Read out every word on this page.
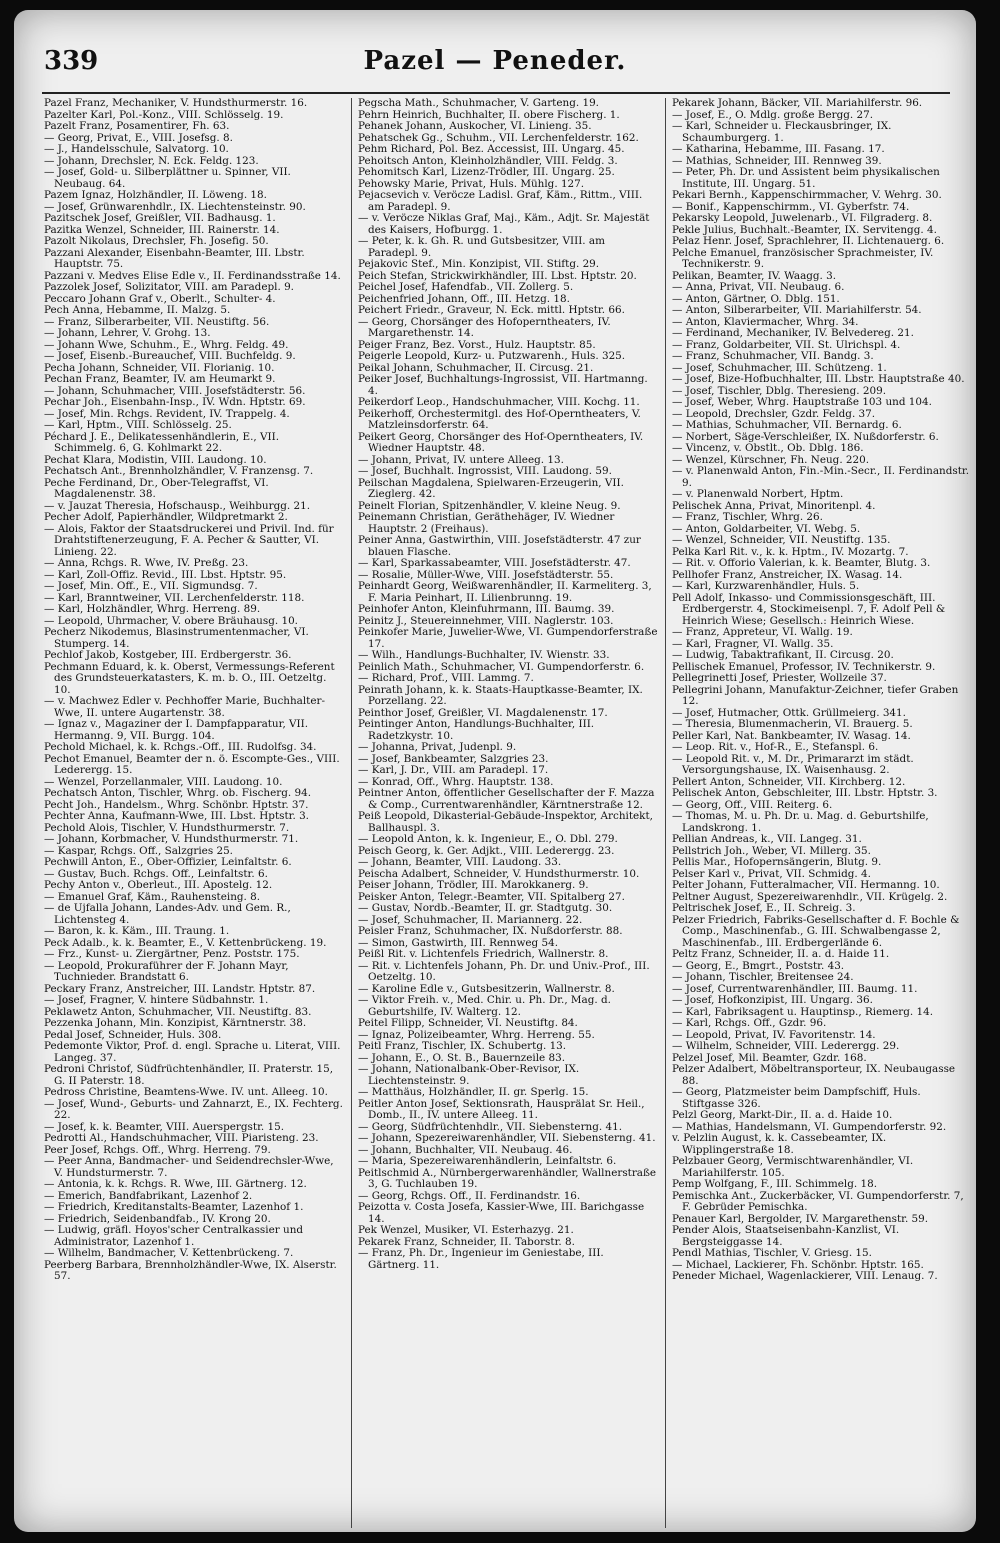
339	Pazel — Peneder.

Pazel Franz, Mechaniker, V. Hundsthurmerstr. 16.

Pazelter Karl, Pol.-Konz., VIII. Schlösselg. 19.

Pazelt Franz, Posamentirer, Fh. 63.

— Georg, Privat, E., VIII. Josefsg. 8.

— J., Handelsschule, Salvatorg. 10.

— Johann, Drechsler, N. Eck. Feldg. 123.

— Josef, Gold- u. Silberplättner u. Spinner, VII. Neubaug. 64.

Pazem Ignaz, Holzhändler, II. Löweng. 18.

— Josef, Grünwarenhdlr., IX. Liechtensteinstr. 90.

Pazitschek Josef, Greißler, VII. Badhausg. 1.

Pazitka Wenzel, Schneider, III. Rainerstr. 14.

Pazolt Nikolaus, Drechsler, Fh. Josefig. 50.

Pazzani Alexander, Eisenbahn-Beamter, III. Lbstr. Hauptstr. 75.

Pazzani v. Medves Elise Edle v., II. Ferdinandsstraße 14.

Pazzolek Josef, Solizitator, VIII. am Paradepl. 9.

Peccaro Johann Graf v., Oberlt., Schulter- 4.

Pech Anna, Hebamme, II. Malzg. 5.

— Franz, Silberarbeiter, VII. Neustiftg. 56.

— Johann, Lehrer, V. Grohg. 13.

— Johann Wwe, Schuhm., E., Whrg. Feldg. 49.

— Josef, Eisenb.-Bureauchef, VIII. Buchfeldg. 9.

Pecha Johann, Schneider, VII. Florianig. 10.

Pechan Franz, Beamter, IV. am Heumarkt 9.

— Johann, Schuhmacher, VIII. Josefstädterstr. 56.

Pechar Joh., Eisenbahn-Insp., IV. Wdn. Hptstr. 69.

— Josef, Min. Rchgs. Revident, IV. Trappelg. 4.

— Karl, Hptm., VIII. Schlösselg. 25.

Péchard J. E., Delikatessenhändlerin, E., VII. Schimmelg. 6, G. Kohlmarkt 22.

Pechat Klara, Modistin, VIII. Laudong. 10.

Pechatsch Ant., Brennholzhändler, V. Franzensg. 7.

Peche Ferdinand, Dr., Ober-Telegraffst, VI. Magdalenenstr. 38.

— v. Jauzat Theresia, Hofschausp., Weihburgg. 21.

Pecher Adolf, Papierhändler, Wildpretmarkt 2.

— Alois, Faktor der Staatsdruckerei und Privil. Ind. für Drahtstiftenerzeugung, F. A. Pecher & Sautter, VI. Linieng. 22.

— Anna, Rchgs. R. Wwe, IV. Preßg. 23.

— Karl, Zoll-Offiz. Revid., III. Lbst. Hptstr. 95.

— Josef, Min. Off., E., VII. Sigmundsg. 7.

— Karl, Branntweiner, VII. Lerchenfelderstr. 118.

— Karl, Holzhändler, Whrg. Herreng. 89.

— Leopold, Uhrmacher, V. obere Bräuhausg. 10.

Pecherz Nikodemus, Blasinstrumentenmacher, VI. Stumperg. 14.

Pechlof Jakob, Kostgeber, III. Erdbergerstr. 36.

Pechmann Eduard, k. k. Oberst, Vermessungs-Referent des Grundsteuerkatasters, K. m. b. O., III. Oetzeltg. 10.

— v. Machwez Edler v. Pechhoffer Marie, Buchhalter-Wwe, II. untere Augartenstr. 38.

— Ignaz v., Magaziner der I. Dampfapparatur, VII. Hermanng. 9, VII. Burgg. 104.

Pechold Michael, k. k. Rchgs.-Off., III. Rudolfsg. 34.

Pechot Emanuel, Beamter der n. ö. Escompte-Ges., VIII. Lederergg. 15.

— Wenzel, Porzellanmaler, VIII. Laudong. 10.

Pechatsch Anton, Tischler, Whrg. ob. Fischerg. 94.

Pecht Joh., Handelsm., Whrg. Schönbr. Hptstr. 37.

Pechter Anna, Kaufmann-Wwe, III. Lbst. Hptstr. 3.

Pechold Alois, Tischler, V. Hundsthurmerstr. 7.

— Johann, Korbmacher, V. Hundsthurmerstr. 71.

— Kaspar, Rchgs. Off., Salzgries 25.

Pechwill Anton, E., Ober-Offizier, Leinfaltstr. 6.

— Gustav, Buch. Rchgs. Off., Leinfaltstr. 6.

Pechy Anton v., Oberleut., III. Apostelg. 12.

— Emanuel Graf, Käm., Rauhensteing. 8.

— de Ujfalla Johann, Landes-Adv. und Gem. R., Lichtensteg 4.

— Baron, k. k. Käm., III. Traung. 1.

Peck Adalb., k. k. Beamter, E., V. Kettenbrückeng. 19.

— Frz., Kunst- u. Ziergärtner, Penz. Poststr. 175.

— Leopold, Prokuraführer der F. Johann Mayr, Tuchnieder. Brandstatt 6.

Peckary Franz, Anstreicher, III. Landstr. Hptstr. 87.

— Josef, Fragner, V. hintere Südbahnstr. 1.

Peklawetz Anton, Schuhmacher, VII. Neustiftg. 83.

Pezzenka Johann, Min. Konzipist, Kärntnerstr. 38.

Pedal Josef, Schneider, Huls. 308.

Pedemonte Viktor, Prof. d. engl. Sprache u. Literat, VIII. Langeg. 37.

Pedroni Christof, Südfrüchtenhändler, II. Praterstr. 15, G. II Paterstr. 18.

Pedross Christine, Beamtens-Wwe. IV. unt. Alleeg. 10.

— Josef, Wund-, Geburts- und Zahnarzt, E., IX. Fechterg. 22.

— Josef, k. k. Beamter, VIII. Auerspergstr. 15.

Pedrotti Al., Handschuhmacher, VIII. Piaristeng. 23.

Peer Josef, Rchgs. Off., Whrg. Herreng. 79.

— Peer Anna, Bandmacher- und Seidendrechsler-Wwe, V. Hundsturmerstr. 7.

— Antonia, k. k. Rchgs. R. Wwe, III. Gärtnerg. 12.

— Emerich, Bandfabrikant, Lazenhof 2.

— Friedrich, Kreditanstalts-Beamter, Lazenhof 1.

— Friedrich, Seidenbandfab., IV. Krong 20.

— Ludwig, gräfl. Hoyos'scher Centralkassier und Administrator, Lazenhof 1.

— Wilhelm, Bandmacher, V. Kettenbrückeng. 7.

Peerberg Barbara, Brennholzhändler-Wwe, IX. Alserstr. 57.

Pegscha Math., Schuhmacher, V. Garteng. 19.

Pehrn Heinrich, Buchhalter, II. obere Fischerg. 1.

Pehanek Johann, Auskocher, VI. Linieng. 35.

Pehatschek Gg., Schuhm., VII. Lerchenfelderstr. 162.

Pehm Richard, Pol. Bez. Accessist, III. Ungarg. 45.

Pehoitsch Anton, Kleinholzhändler, VIII. Feldg. 3.

Pehomitsch Karl, Lizenz-Trödler, III. Ungarg. 25.

Pehowsky Marie, Privat, Huls. Mühlg. 127.

Pejacsevich v. Veröcze Ladisl. Graf, Käm., Rittm., VIII. am Paradepl. 9.

— v. Veröcze Niklas Graf, Maj., Käm., Adjt. Sr. Majestät des Kaisers, Hofburgg. 1.

— Peter, k. k. Gh. R. und Gutsbesitzer, VIII. am Paradepl. 9.

Pejakovic Stef., Min. Konzipist, VII. Stiftg. 29.

Peich Stefan, Strickwirkhändler, III. Lbst. Hptstr. 20.

Peichel Josef, Hafendfab., VII. Zollerg. 5.

Peichenfried Johann, Off., III. Hetzg. 18.

Peichert Friedr., Graveur, N. Eck. mittl. Hptstr. 66.

— Georg, Chorsänger des Hofoperntheaters, IV. Margarethenstr. 14.

Peiger Franz, Bez. Vorst., Hulz. Hauptstr. 85.

Peigerle Leopold, Kurz- u. Putzwarenh., Huls. 325.

Peikal Johann, Schuhmacher, II. Circusg. 21.

Peiker Josef, Buchhaltungs-Ingrossist, VII. Hartmanng. 4.

Peikerdorf Leop., Handschuhmacher, VIII. Kochg. 11.

Peikerhoff, Orchestermitgl. des Hof-Operntheaters, V. Matzleinsdorferstr. 64.

Peikert Georg, Chorsänger des Hof-Operntheaters, IV. Wiedner Hauptstr. 48.

— Johann, Privat, IV. untere Alleeg. 13.

— Josef, Buchhalt. Ingrossist, VIII. Laudong. 59.

Peilschan Magdalena, Spielwaren-Erzeugerin, VII. Zieglerg. 42.

Peinelt Florian, Spitzenhändler, V. kleine Neug. 9.

Peinemann Christian, Geräthehäger, IV. Wiedner Hauptstr. 2 (Freihaus).

Peiner Anna, Gastwirthin, VIII. Josefstädterstr. 47 zur blauen Flasche.

— Karl, Sparkassabeamter, VIII. Josefstädterstr. 47.

— Rosalie, Müller-Wwe, VIII. Josefstädterstr. 55.

Peinhardt Georg, Weißwarenhändler, II. Karmeliterg. 3, F. Maria Peinhart, II. Lilienbrunng. 19.

Peinhofer Anton, Kleinfuhrmann, III. Baumg. 39.

Peinitz J., Steuereinnehmer, VIII. Naglerstr. 103.

Peinkofer Marie, Juwelier-Wwe, VI. Gumpendorferstraße 17.

— Wilh., Handlungs-Buchhalter, IV. Wienstr. 33.

Peinlich Math., Schuhmacher, VI. Gumpendorferstr. 6.

— Richard, Prof., VIII. Lammg. 7.

Peinrath Johann, k. k. Staats-Hauptkasse-Beamter, IX. Porzellang. 22.

Peinthor Josef, Greißler, VI. Magdalenenstr. 17.

Peintinger Anton, Handlungs-Buchhalter, III. Radetzkystr. 10.

— Johanna, Privat, Judenpl. 9.

— Josef, Bankbeamter, Salzgries 23.

— Karl, J. Dr., VIII. am Paradepl. 17.

— Konrad, Off., Whrg. Hauptstr. 138.

Peintner Anton, öffentlicher Gesellschafter der F. Mazza & Comp., Currentwarenhändler, Kärntnerstraße 12.

Peiß Leopold, Dikasterial-Gebäude-Inspektor, Architekt, Ballhauspl. 3.

— Leopold Anton, k. k. Ingenieur, E., O. Dbl. 279.

Peisch Georg, k. Ger. Adjkt., VIII. Lederergg. 23.

— Johann, Beamter, VIII. Laudong. 33.

Peischa Adalbert, Schneider, V. Hundsthurmerstr. 10.

Peiser Johann, Trödler, III. Marokkanerg. 9.

Peisker Anton, Telegr.-Beamter, VII. Spitalberg 27.

— Gustav, Nordb.-Beamter, II. gr. Stadtgutg. 30.

— Josef, Schuhmacher, II. Mariannerg. 22.

Peisler Franz, Schuhmacher, IX. Nußdorferstr. 88.

— Simon, Gastwirth, III. Rennweg 54.

Peißl Rit. v. Lichtenfels Friedrich, Wallnerstr. 8.

— Rit. v. Lichtenfels Johann, Ph. Dr. und Univ.-Prof., III. Oetzeltg. 10.

— Karoline Edle v., Gutsbesitzerin, Wallnerstr. 8.

— Viktor Freih. v., Med. Chir. u. Ph. Dr., Mag. d. Geburtshilfe, IV. Walterg. 12.

Peitel Filipp, Schneider, VI. Neustiftg. 84.

— Ignaz, Polizeibeamter, Whrg. Herreng. 55.

Peitl Franz, Tischler, IX. Schubertg. 13.

— Johann, E., O. St. B., Bauernzeile 83.

— Johann, Nationalbank-Ober-Revisor, IX. Liechtensteinstr. 9.

— Matthäus, Holzhändler, II. gr. Sperlg. 15.

Peitler Anton Josef, Sektionsrath, Hausprälat Sr. Heil., Domb., II., IV. untere Alleeg. 11.

— Georg, Südfrüchtenhdlr., VII. Siebensterng. 41.

— Johann, Spezereiwarenhändler, VII. Siebensterng. 41.

— Johann, Buchhalter, VII. Neubaug. 46.

— Maria, Spezereiwarenhändlerin, Leinfaltstr. 6.

Peitlschmid A., Nürnbergerwarenhändler, Wallnerstraße 3, G. Tuchlauben 19.

— Georg, Rchgs. Off., II. Ferdinandstr. 16.

Peizotta v. Costa Josefa, Kassier-Wwe, III. Barichgasse 14.

Pek Wenzel, Musiker, VI. Esterhazyg. 21.

Pekarek Franz, Schneider, II. Taborstr. 8.

— Franz, Ph. Dr., Ingenieur im Geniestabe, III. Gärtnerg. 11.

Pekarek Johann, Bäcker, VII. Mariahilferstr. 96.

— Josef, E., O. Mdlg. große Bergg. 27.

— Karl, Schneider u. Fleckausbringer, IX. Schaumburgerg. 1.

— Katharina, Hebamme, III. Fasang. 17.

— Mathias, Schneider, III. Rennweg 39.

— Peter, Ph. Dr. und Assistent beim physikalischen Institute, III. Ungarg. 51.

Pekari Bernh., Kappenschirmmacher, V. Wehrg. 30.

— Bonif., Kappenschirmm., VI. Gyberfstr. 74.

Pekarsky Leopold, Juwelenarb., VI. Filgraderg. 8.

Pekle Julius, Buchhalt.-Beamter, IX. Servitengg. 4.

Pelaz Henr. Josef, Sprachlehrer, II. Lichtenauerg. 6.

Pelche Emanuel, französischer Sprachmeister, IV. Technikerstr. 9.

Pelikan, Beamter, IV. Waagg. 3.

— Anna, Privat, VII. Neubaug. 6.

— Anton, Gärtner, O. Dblg. 151.

— Anton, Silberarbeiter, VII. Mariahilferstr. 54.

— Anton, Klaviermacher, Whrg. 34.

— Ferdinand, Mechaniker, IV. Belvedereg. 21.

— Franz, Goldarbeiter, VII. St. Ulrichspl. 4.

— Franz, Schuhmacher, VII. Bandg. 3.

— Josef, Schuhmacher, III. Schützeng. 1.

— Josef, Bize-Hofbuchhalter, III. Lbstr. Hauptstraße 40.

— Josef, Tischler, Dblg. Theresieng. 209.

— Josef, Weber, Whrg. Hauptstraße 103 und 104.

— Leopold, Drechsler, Gzdr. Feldg. 37.

— Mathias, Schuhmacher, VII. Bernardg. 6.

— Norbert, Säge-Verschleißer, IX. Nußdorferstr. 6.

— Vincenz, v. Obstlt., Ob. Dblg. 186.

— Wenzel, Kürschner, Fh. Neug. 220.

— v. Planenwald Anton, Fin.-Min.-Secr., II. Ferdinandstr. 9.

— v. Planenwald Norbert, Hptm.

Pelischek Anna, Privat, Minoritenpl. 4.

— Franz, Tischler, Whrg. 26.

— Anton, Goldarbeiter, VI. Webg. 5.

— Wenzel, Schneider, VII. Neustiftg. 135.

Pelka Karl Rit. v., k. k. Hptm., IV. Mozartg. 7.

— Rit. v. Offorio Valerian, k. k. Beamter, Blutg. 3.

Pellhofer Franz, Anstreicher, IX. Wasag. 14.

— Karl, Kurzwarenhändler, Huls. 5.

Pell Adolf, Inkasso- und Commissionsgeschäft, III. Erdbergerstr. 4, Stockimeisenpl. 7, F. Adolf Pell & Heinrich Wiese; Gesellsch.: Heinrich Wiese.

— Franz, Appreteur, VI. Wallg. 19.

— Karl, Fragner, VI. Wallg. 35.

— Ludwig, Tabaktrafikant, II. Circusg. 20.

Pellischek Emanuel, Professor, IV. Technikerstr. 9.

Pellegrinetti Josef, Priester, Wollzeile 37.

Pellegrini Johann, Manufaktur-Zeichner, tiefer Graben 12.

— Josef, Hutmacher, Ottk. Grüllmeierg. 341.

— Theresia, Blumenmacherin, VI. Brauerg. 5.

Peller Karl, Nat. Bankbeamter, IV. Wasag. 14.

— Leop. Rit. v., Hof-R., E., Stefanspl. 6.

— Leopold Rit. v., M. Dr., Primararzt im städt. Versorgungshause, IX. Waisenhausg. 2.

Pellert Anton, Schneider, VII. Kirchberg. 12.

Pelischek Anton, Gebschleiter, III. Lbstr. Hptstr. 3.

— Georg, Off., VIII. Reiterg. 6.

— Thomas, M. u. Ph. Dr. u. Mag. d. Geburtshilfe, Landskrong. 1.

Pellian Andreas, k., VII. Langeg. 31.

Pellstrich Joh., Weber, VI. Millerg. 35.

Pellis Mar., Hofopernsängerin, Blutg. 9.

Pelser Karl v., Privat, VII. Schmidg. 4.

Pelter Johann, Futteralmacher, VII. Hermanng. 10.

Peltner August, Spezereiwarenhdlr., VII. Krügelg. 2.

Peltrischek Josef, E., II. Schreig. 3.

Pelzer Friedrich, Fabriks-Gesellschafter d. F. Bochle & Comp., Maschinenfab., G. III. Schwalbengasse 2, Maschinenfab., III. Erdbergerlände 6.

Peltz Franz, Schneider, II. a. d. Haide 11.

— Georg, E., Bmgrt., Poststr. 43.

— Johann, Tischler, Breitensee 24.

— Josef, Currentwarenhändler, III. Baumg. 11.

— Josef, Hofkonzipist, III. Ungarg. 36.

— Karl, Fabriksagent u. Hauptinsp., Riemerg. 14.

— Karl, Rchgs. Off., Gzdr. 96.

— Leopold, Privat, IV. Favoritenstr. 14.

— Wilhelm, Schneider, VIII. Lederergg. 29.

Pelzel Josef, Mil. Beamter, Gzdr. 168.

Pelzer Adalbert, Möbeltransporteur, IX. Neubaugasse 88.

— Georg, Platzmeister beim Dampfschiff, Huls. Stiftgasse 326.

Pelzl Georg, Markt-Dir., II. a. d. Haide 10.

— Mathias, Handelsmann, VI. Gumpendorferstr. 92.

v. Pelzlin August, k. k. Cassebeamter, IX. Wipplingerstraße 18.

Pelzbauer Georg, Vermischtwarenhändler, VI. Mariahilferstr. 105.

Pemp Wolfgang, F., III. Schimmelg. 18.

Pemischka Ant., Zuckerbäcker, VI. Gumpendorferstr. 7, F. Gebrüder Pemischka.

Penauer Karl, Bergolder, IV. Margarethenstr. 59.

Pender Alois, Staatseisenbahn-Kanzlist, VI. Bergsteiggasse 14.

Pendl Mathias, Tischler, V. Griesg. 15.

— Michael, Lackierer, Fh. Schönbr. Hptstr. 165.

Peneder Michael, Wagenlackierer, VIII. Lenaug. 7.
